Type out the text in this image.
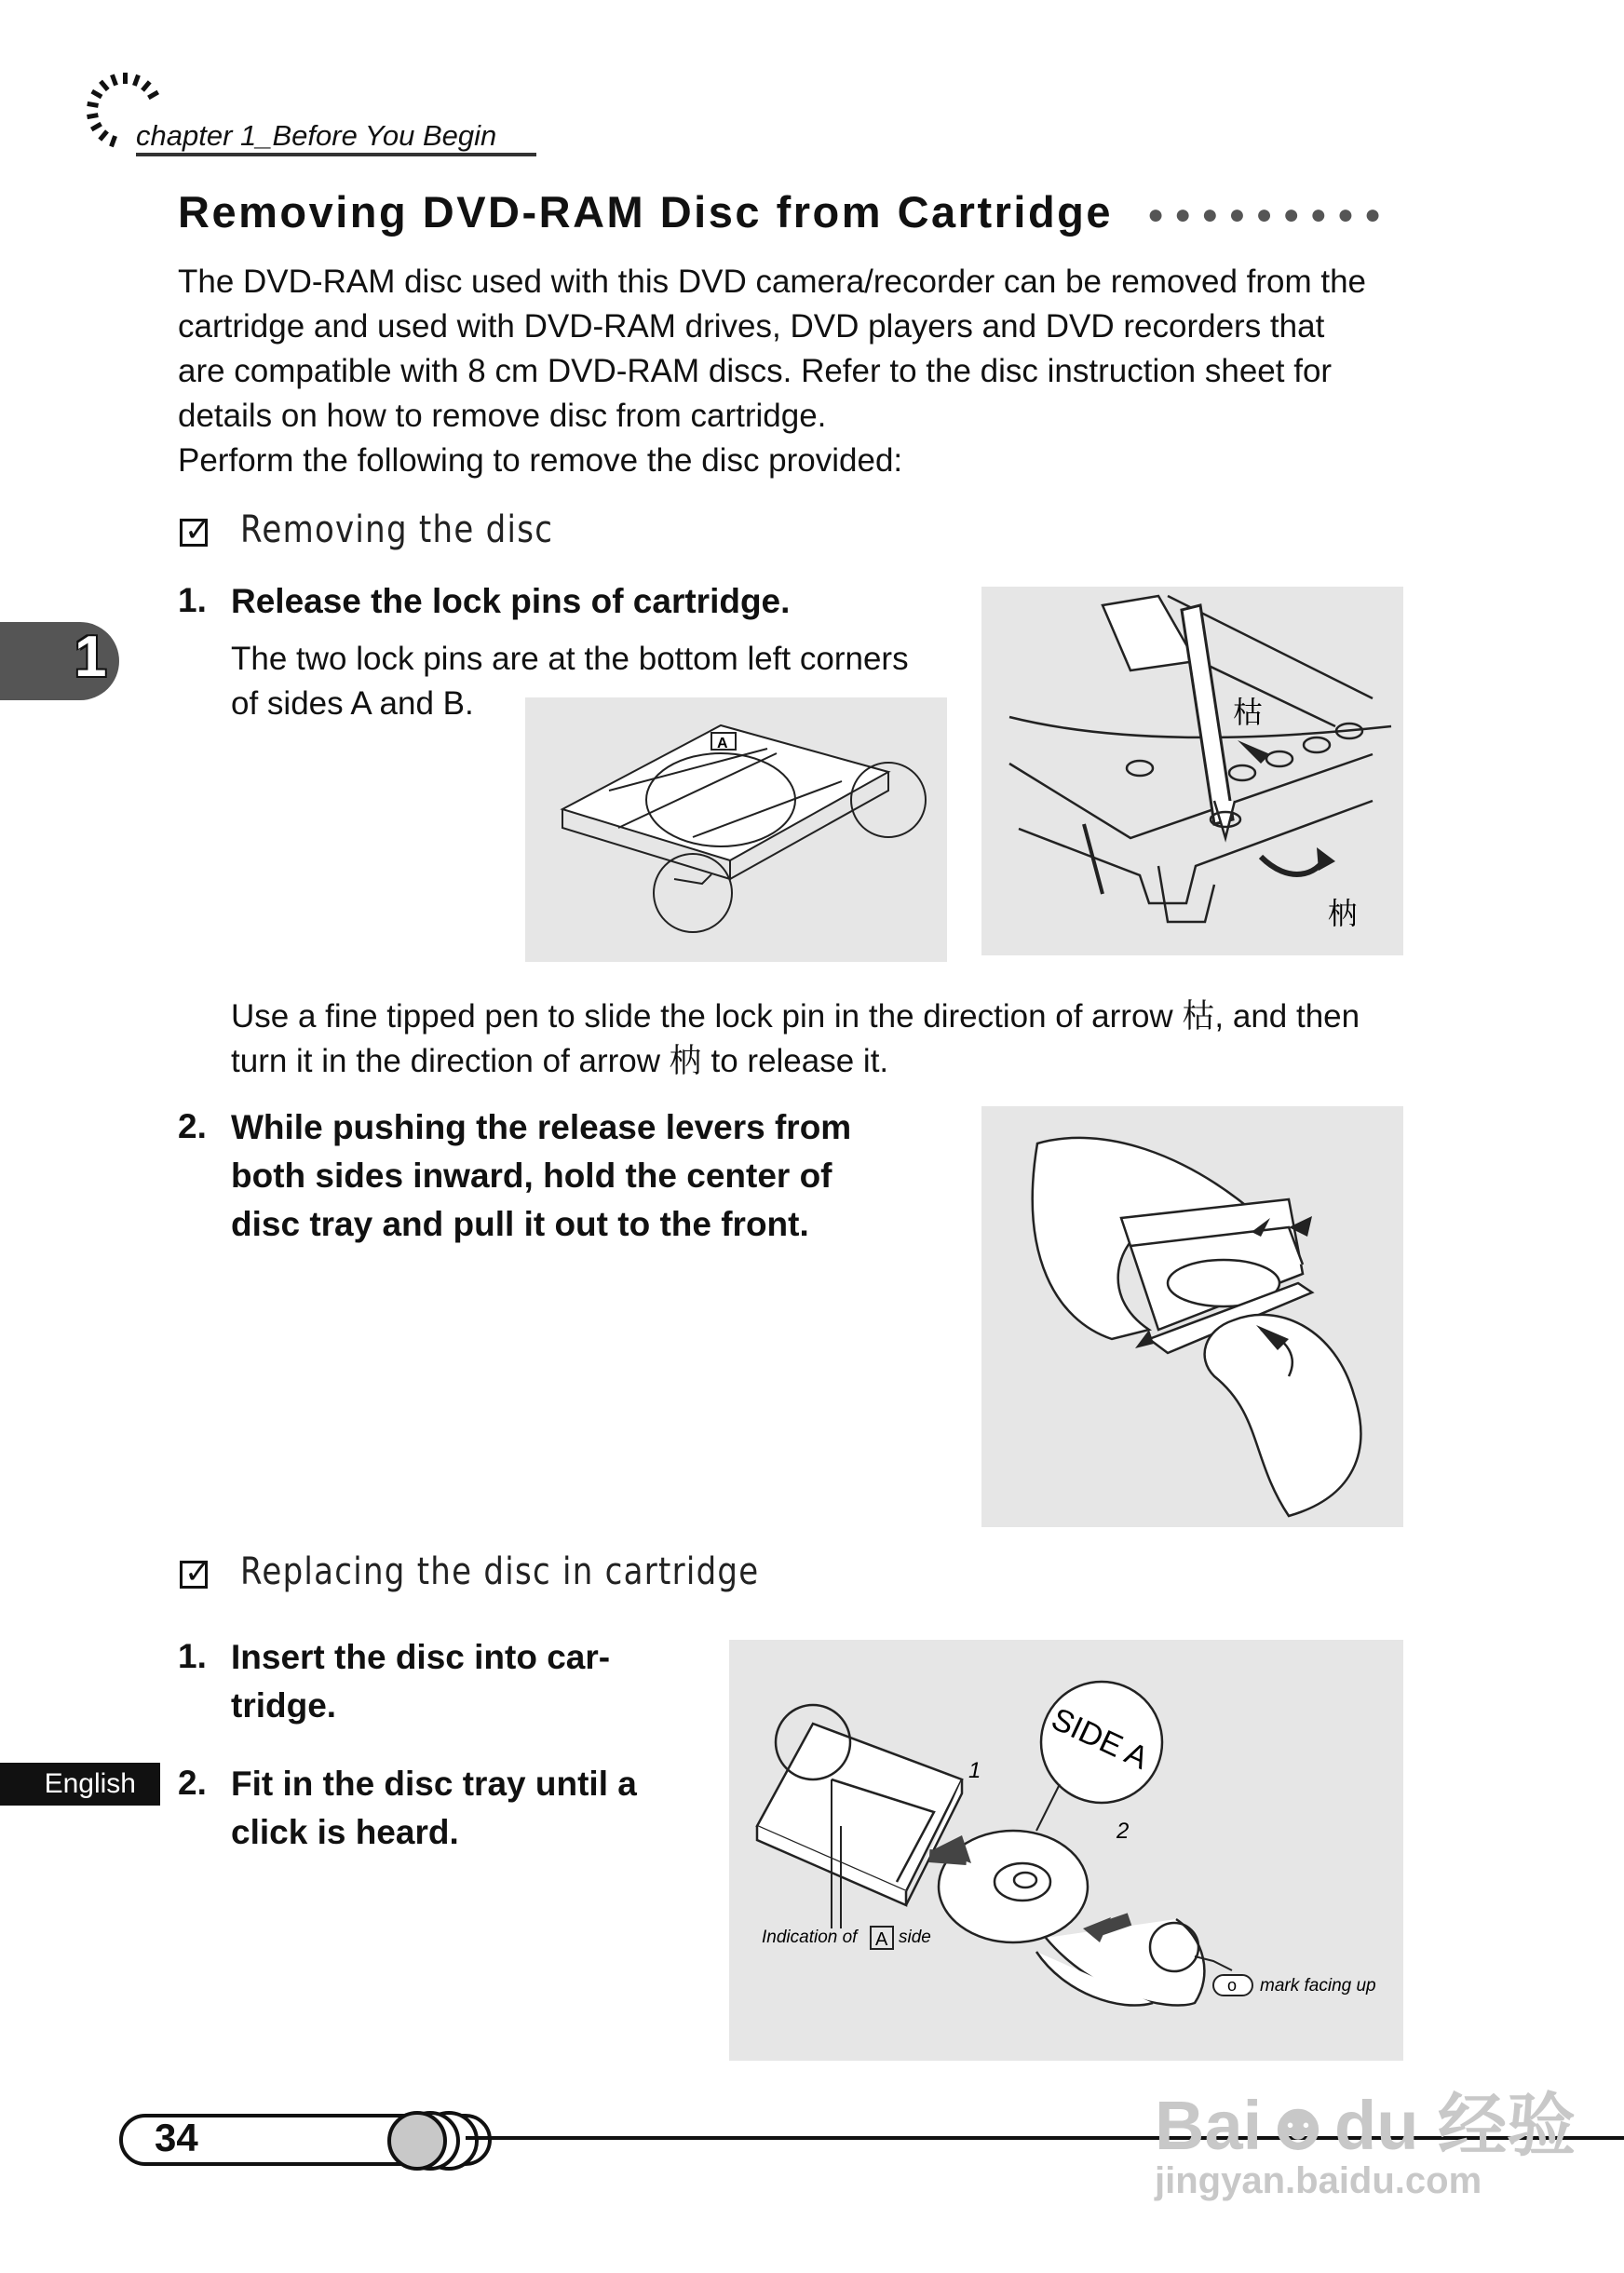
chapter 1_Before You Begin
Removing DVD-RAM Disc from Cartridge ●●●●●●●●●
The DVD-RAM disc used with this DVD camera/recorder can be removed from the
cartridge and used with DVD-RAM drives, DVD players and DVD recorders that
are compatible with 8 cm DVD-RAM discs. Refer to the disc instruction sheet for
details on how to remove disc from cartridge.
Perform the following to remove the disc provided:
✓ Removing the disc
1. Release the lock pins of cartridge.
The two lock pins are at the bottom left corners
of sides A and B.
A
枯
枘
Use a fine tipped pen to slide the lock pin in the direction of arrow 枯, and then
turn it in the direction of arrow 枘 to release it.
2. While pushing the release levers from
both sides inward, hold the center of
disc tray and pull it out to the front.
✓ Replacing the disc in cartridge
1. Insert the disc into car-
tridge.
2. Fit in the disc tray until a
click is heard.
1
2
SIDE A
Indication of A side
o mark facing up
1
English
34	Bai☻du 经验
jingyan.baidu.com
